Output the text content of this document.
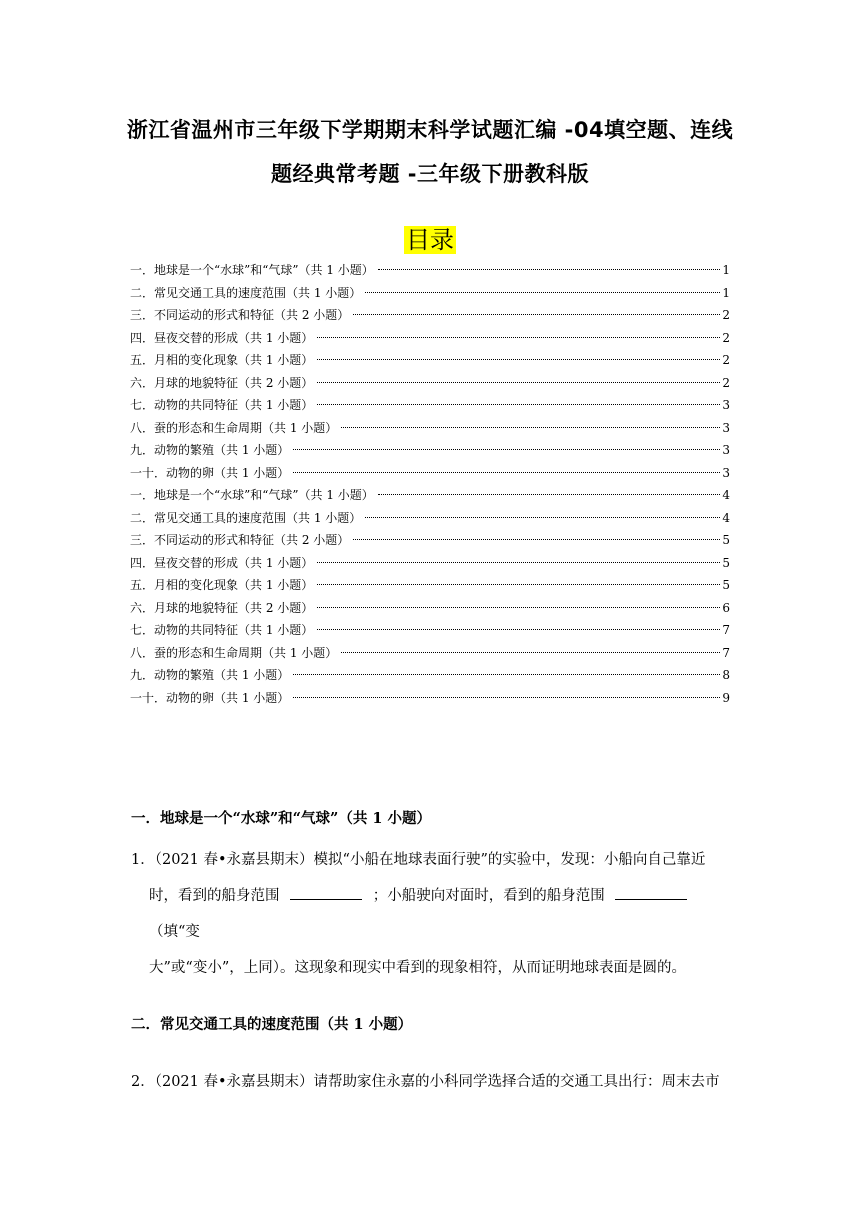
浙江省温州市三年级下学期期末科学试题汇编 -04填空题、连线
题经典常考题 -三年级下册教科版
目录
一．地球是一个“水球”和“气球”（共 1 小题）	1
二．常见交通工具的速度范围（共 1 小题）	1
三．不同运动的形式和特征（共 2 小题）	2
四．昼夜交替的形成（共 1 小题）	2
五．月相的变化现象（共 1 小题）	2
六．月球的地貌特征（共 2 小题）	2
七．动物的共同特征（共 1 小题）	3
八．蚕的形态和生命周期（共 1 小题）	3
九．动物的繁殖（共 1 小题）	3
一十．动物的卵（共 1 小题）	3
一．地球是一个“水球”和“气球”（共 1 小题）	4
二．常见交通工具的速度范围（共 1 小题）	4
三．不同运动的形式和特征（共 2 小题）	5
四．昼夜交替的形成（共 1 小题）	5
五．月相的变化现象（共 1 小题）	5
六．月球的地貌特征（共 2 小题）	6
七．动物的共同特征（共 1 小题）	7
八．蚕的形态和生命周期（共 1 小题）	7
九．动物的繁殖（共 1 小题）	8
一十．动物的卵（共 1 小题）	9
一．地球是一个“水球”和“气球”（共 1 小题）
1．（2021 春•永嘉县期末）模拟“小船在地球表面行驶”的实验中，发现：小船向自己靠近
时，看到的船身范围	；小船驶向对面时，看到的船身范围  （填“变
大”或“变小”，上同）。这现象和现实中看到的现象相符，从而证明地球表面是圆的。
二．常见交通工具的速度范围（共 1 小题）
2．（2021 春•永嘉县期末）请帮助家住永嘉的小科同学选择合适的交通工具出行：周末去市
